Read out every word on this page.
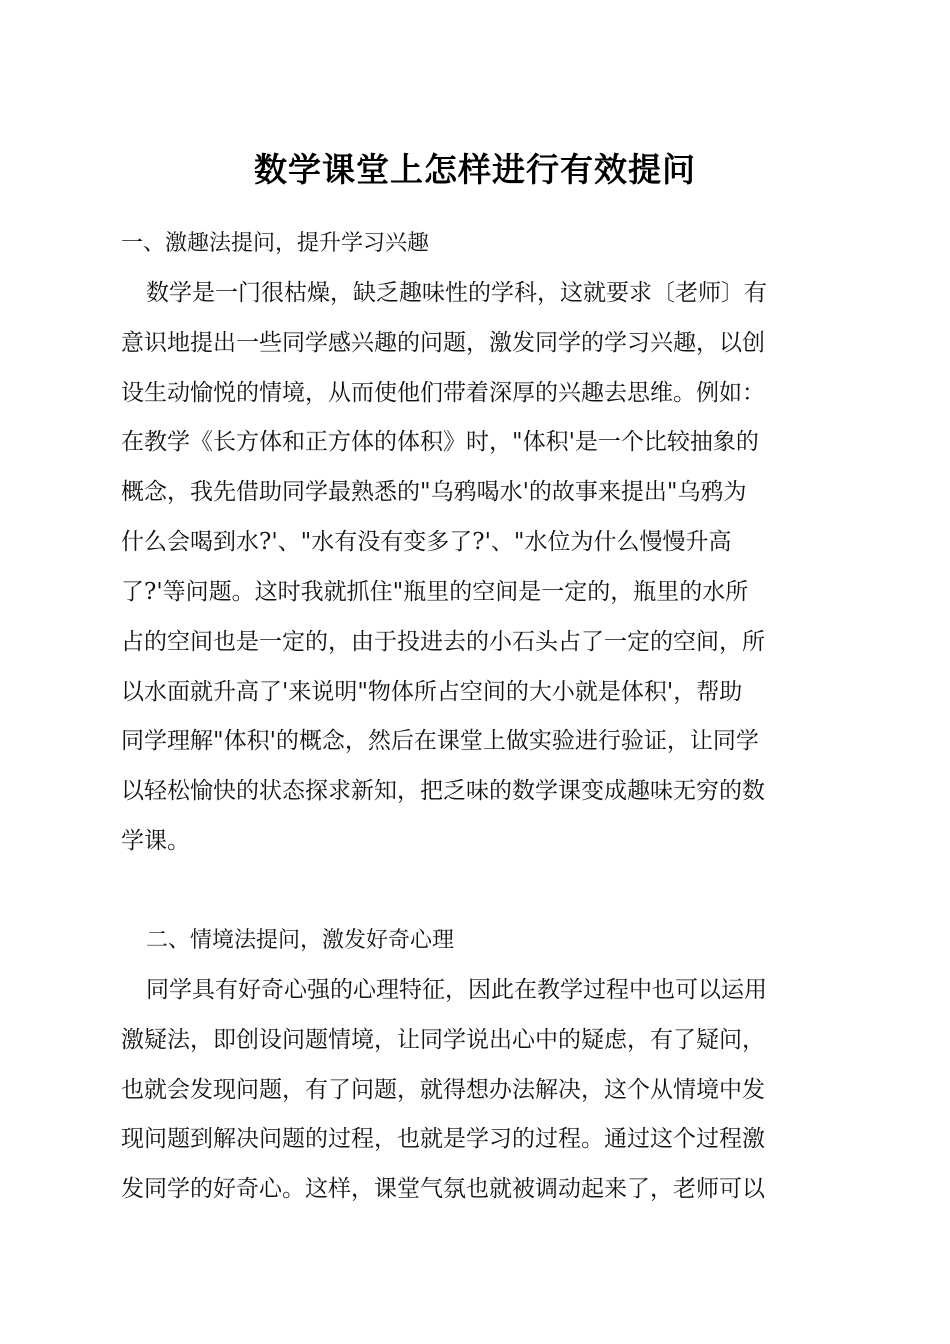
数学课堂上怎样进行有效提问

一、激趣法提问，提升学习兴趣

数学是一门很枯燥，缺乏趣味性的学科，这就要求〔老师〕有

意识地提出一些同学感兴趣的问题，激发同学的学习兴趣，以创

设生动愉悦的情境，从而使他们带着深厚的兴趣去思维。例如：

在教学《长方体和正方体的体积》时，"体积'是一个比较抽象的

概念，我先借助同学最熟悉的"乌鸦喝水'的故事来提出"乌鸦为

什么会喝到水?'、"水有没有变多了?'、"水位为什么慢慢升高

了?'等问题。这时我就抓住"瓶里的空间是一定的，瓶里的水所

占的空间也是一定的，由于投进去的小石头占了一定的空间，所

以水面就升高了'来说明"物体所占空间的大小就是体积'，帮助

同学理解"体积'的概念，然后在课堂上做实验进行验证，让同学

以轻松愉快的状态探求新知，把乏味的数学课变成趣味无穷的数

学课。

二、情境法提问，激发好奇心理

同学具有好奇心强的心理特征，因此在教学过程中也可以运用

激疑法，即创设问题情境，让同学说出心中的疑虑，有了疑问，

也就会发现问题，有了问题，就得想办法解决，这个从情境中发

现问题到解决问题的过程，也就是学习的过程。通过这个过程激

发同学的好奇心。这样，课堂气氛也就被调动起来了，老师可以
